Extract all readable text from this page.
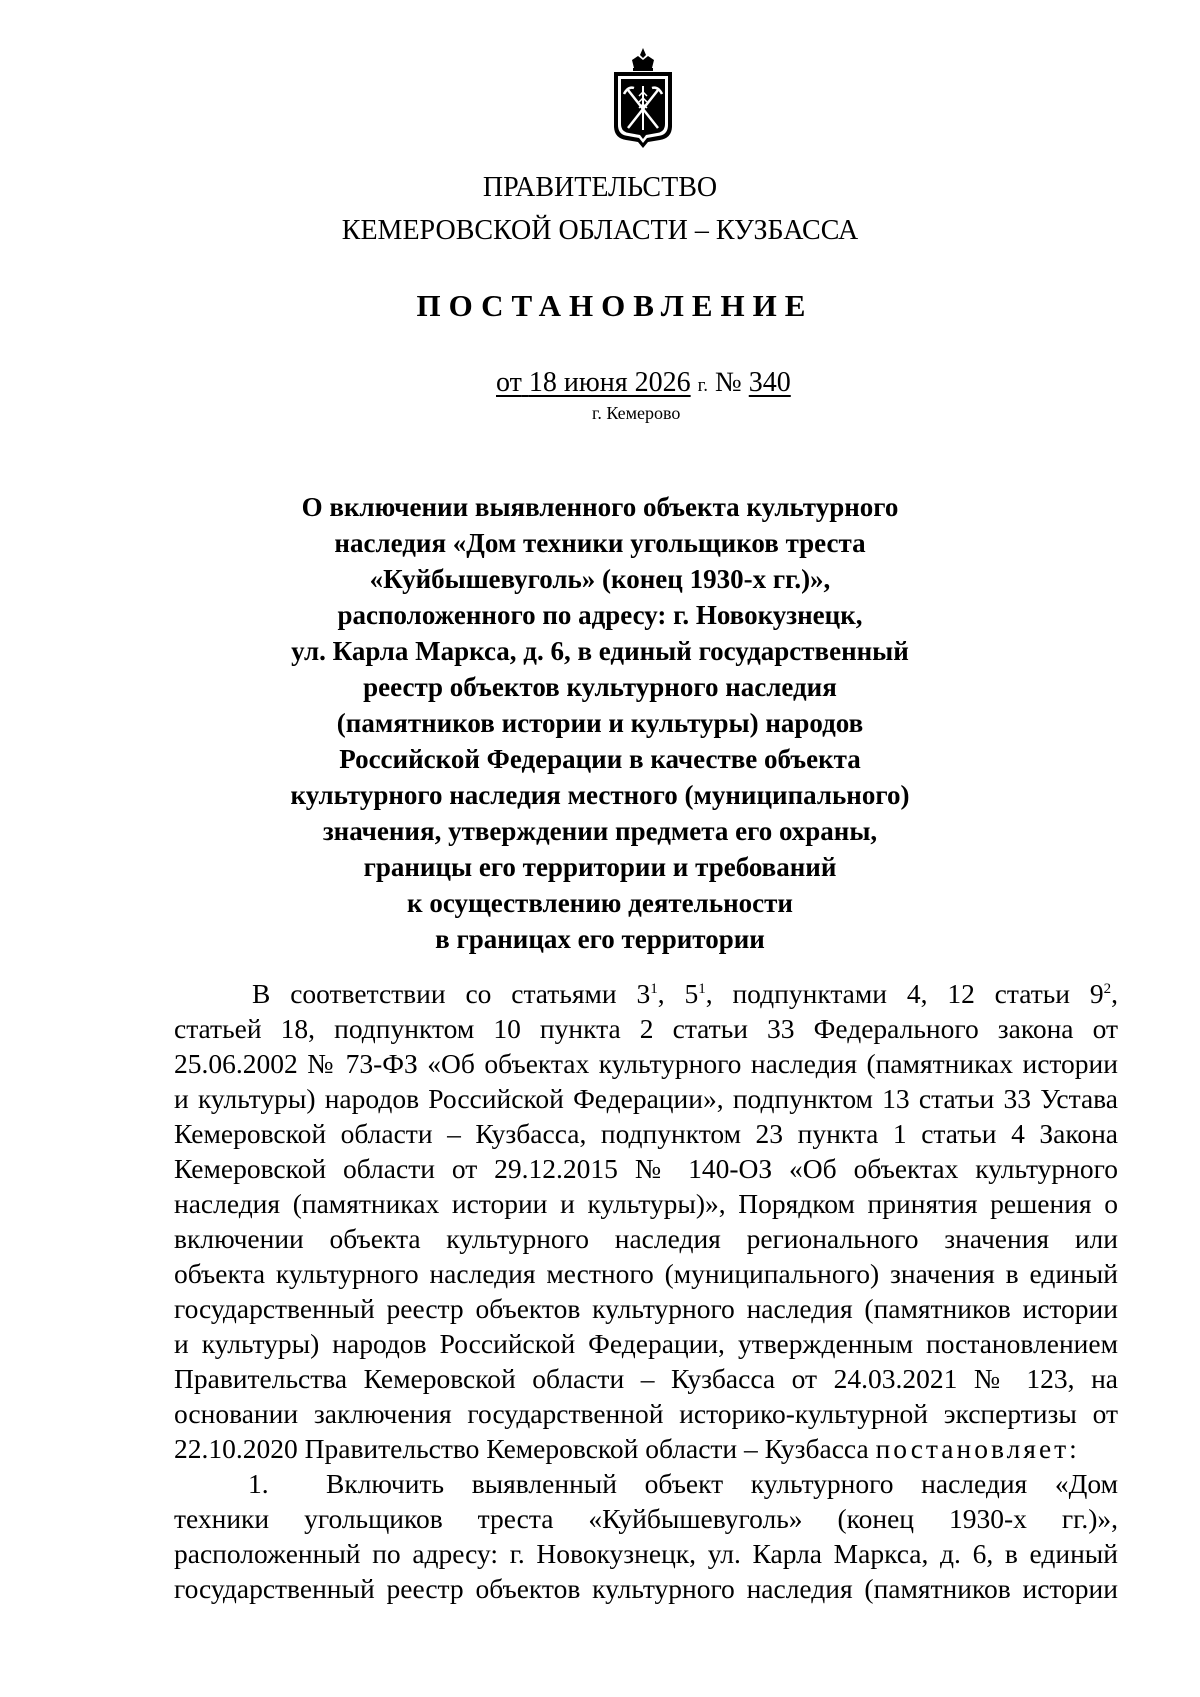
ПРАВИТЕЛЬСТВО
КЕМЕРОВСКОЙ ОБЛАСТИ – КУЗБАССА
ПОСТАНОВЛЕНИЕ
от 18 июня 2026 г. № 340
г. Кемерово
О включении выявленного объекта культурного
наследия «Дом техники угольщиков треста
«Куйбышевуголь» (конец 1930-х гг.)»,
расположенного по адресу: г. Новокузнецк,
ул. Карла Маркса, д. 6, в единый государственный
реестр объектов культурного наследия
(памятников истории и культуры) народов
Российской Федерации в качестве объекта
культурного наследия местного (муниципального)
значения, утверждении предмета его охраны,
границы его территории и требований
к осуществлению деятельности
в границах его территории
В соответствии со статьями $3^1$, $5^1$, подпунктами 4, 12 статьи $9^2$,
статьей 18, подпунктом 10 пункта 2 статьи 33 Федерального закона от
25.06.2002 № 73-ФЗ «Об объектах культурного наследия (памятниках истории
и культуры) народов Российской Федерации», подпунктом 13 статьи 33 Устава
Кемеровской области – Кузбасса, подпунктом 23 пункта 1 статьи 4 Закона
Кемеровской области от 29.12.2015 № 140-ОЗ «Об объектах культурного
наследия (памятниках истории и культуры)», Порядком принятия решения о
включении объекта культурного наследия регионального значения или
объекта культурного наследия местного (муниципального) значения в единый
государственный реестр объектов культурного наследия (памятников истории
и культуры) народов Российской Федерации, утвержденным постановлением
Правительства Кемеровской области – Кузбасса от 24.03.2021 № 123, на
основании заключения государственной историко-культурной экспертизы от
22.10.2020 Правительство Кемеровской области – Кузбасса постановляет:
1. Включить выявленный объект культурного наследия «Дом
техники угольщиков треста «Куйбышевуголь» (конец 1930-х гг.)»,
расположенный по адресу: г. Новокузнецк, ул. Карла Маркса, д. 6, в единый
государственный реестр объектов культурного наследия (памятников истории
